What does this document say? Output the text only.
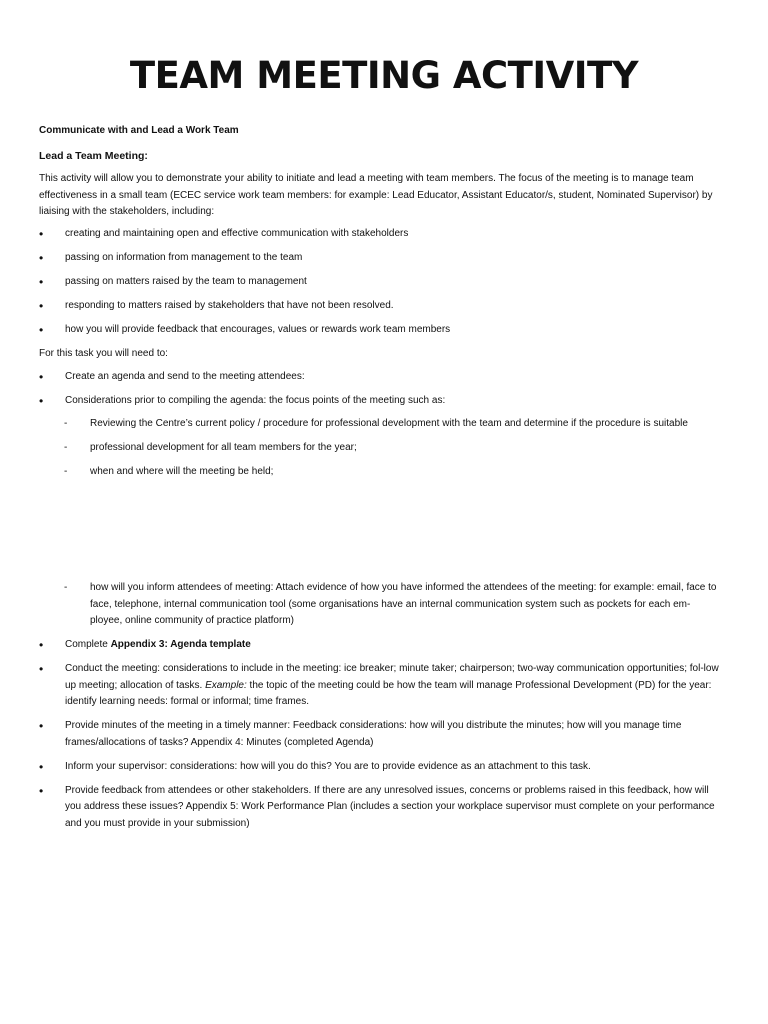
TEAM MEETING ACTIVITY
Communicate with and Lead a Work Team
Lead a Team Meeting:
This activity will allow you to demonstrate your ability to initiate and lead a meeting with team members. The focus of the meeting is to manage team effectiveness in a small team (ECEC service work team members: for example: Lead Educator, Assistant Educator/s, student, Nominated Supervisor) by liaising with the stakeholders, including:
• creating and maintaining open and effective communication with stakeholders
• passing on information from management to the team
• passing on matters raised by the team to management
• responding to matters raised by stakeholders that have not been resolved.
• how you will provide feedback that encourages, values or rewards work team members
For this task you will need to:
• Create an agenda and send to the meeting attendees:
• Considerations prior to compiling the agenda: the focus points of the meeting such as:
- Reviewing the Centre’s current policy / procedure for professional development with the team and determine if the procedure is suitable
- professional development for all team members for the year;
- when and where will the meeting be held;
- how will you inform attendees of meeting: Attach evidence of how you have informed the attendees of the meeting: for example: email, face to face, telephone, internal communication tool (some organisations have an internal communication system such as pockets for each em-ployee, online community of practice platform)
• Complete Appendix 3: Agenda template
• Conduct the meeting: considerations to include in the meeting: ice breaker; minute taker; chairperson; two-way communication opportunities; fol-low up meeting; allocation of tasks. Example: the topic of the meeting could be how the team will manage Professional Development (PD) for the year: identify learning needs: formal or informal; time frames.
• Provide minutes of the meeting in a timely manner: Feedback considerations: how will you distribute the minutes; how will you manage time frames/allocations of tasks? Appendix 4: Minutes (completed Agenda)
• Inform your supervisor: considerations: how will you do this? You are to provide evidence as an attachment to this task.
• Provide feedback from attendees or other stakeholders. If there are any unresolved issues, concerns or problems raised in this feedback, how will you address these issues? Appendix 5: Work Performance Plan (includes a section your workplace supervisor must complete on your performance and you must provide in your submission)
